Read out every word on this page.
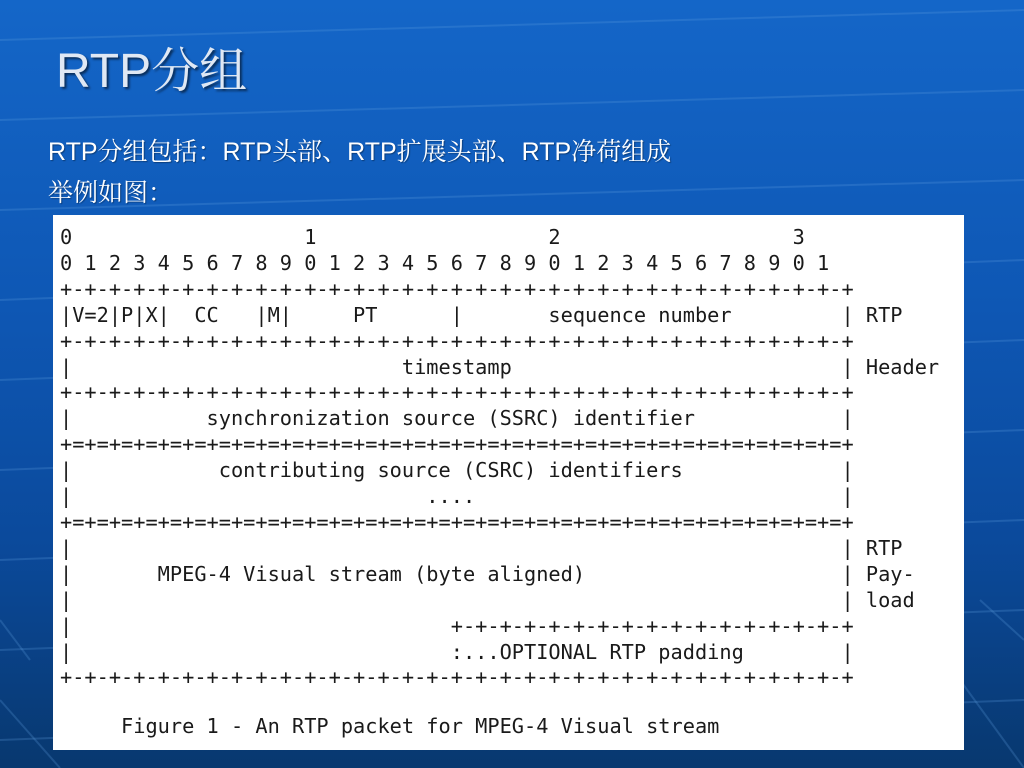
RTP分组
RTP分组包括：RTP头部、RTP扩展头部、RTP净荷组成
举例如图：
0                   1                   2                   3
0 1 2 3 4 5 6 7 8 9 0 1 2 3 4 5 6 7 8 9 0 1 2 3 4 5 6 7 8 9 0 1
+-+-+-+-+-+-+-+-+-+-+-+-+-+-+-+-+-+-+-+-+-+-+-+-+-+-+-+-+-+-+-+-+
|V=2|P|X|  CC   |M|     PT      |       sequence number         | RTP
+-+-+-+-+-+-+-+-+-+-+-+-+-+-+-+-+-+-+-+-+-+-+-+-+-+-+-+-+-+-+-+-+
|                           timestamp                           | Header
+-+-+-+-+-+-+-+-+-+-+-+-+-+-+-+-+-+-+-+-+-+-+-+-+-+-+-+-+-+-+-+-+
|           synchronization source (SSRC) identifier            |
+=+=+=+=+=+=+=+=+=+=+=+=+=+=+=+=+=+=+=+=+=+=+=+=+=+=+=+=+=+=+=+=+
|            contributing source (CSRC) identifiers             |
|                             ....                              |
+=+=+=+=+=+=+=+=+=+=+=+=+=+=+=+=+=+=+=+=+=+=+=+=+=+=+=+=+=+=+=+=+
|                                                               | RTP
|       MPEG-4 Visual stream (byte aligned)                     | Pay-
|                                                               | load
|                               +-+-+-+-+-+-+-+-+-+-+-+-+-+-+-+-+
|                               :...OPTIONAL RTP padding        |
+-+-+-+-+-+-+-+-+-+-+-+-+-+-+-+-+-+-+-+-+-+-+-+-+-+-+-+-+-+-+-+-+
Figure 1 - An RTP packet for MPEG-4 Visual stream
